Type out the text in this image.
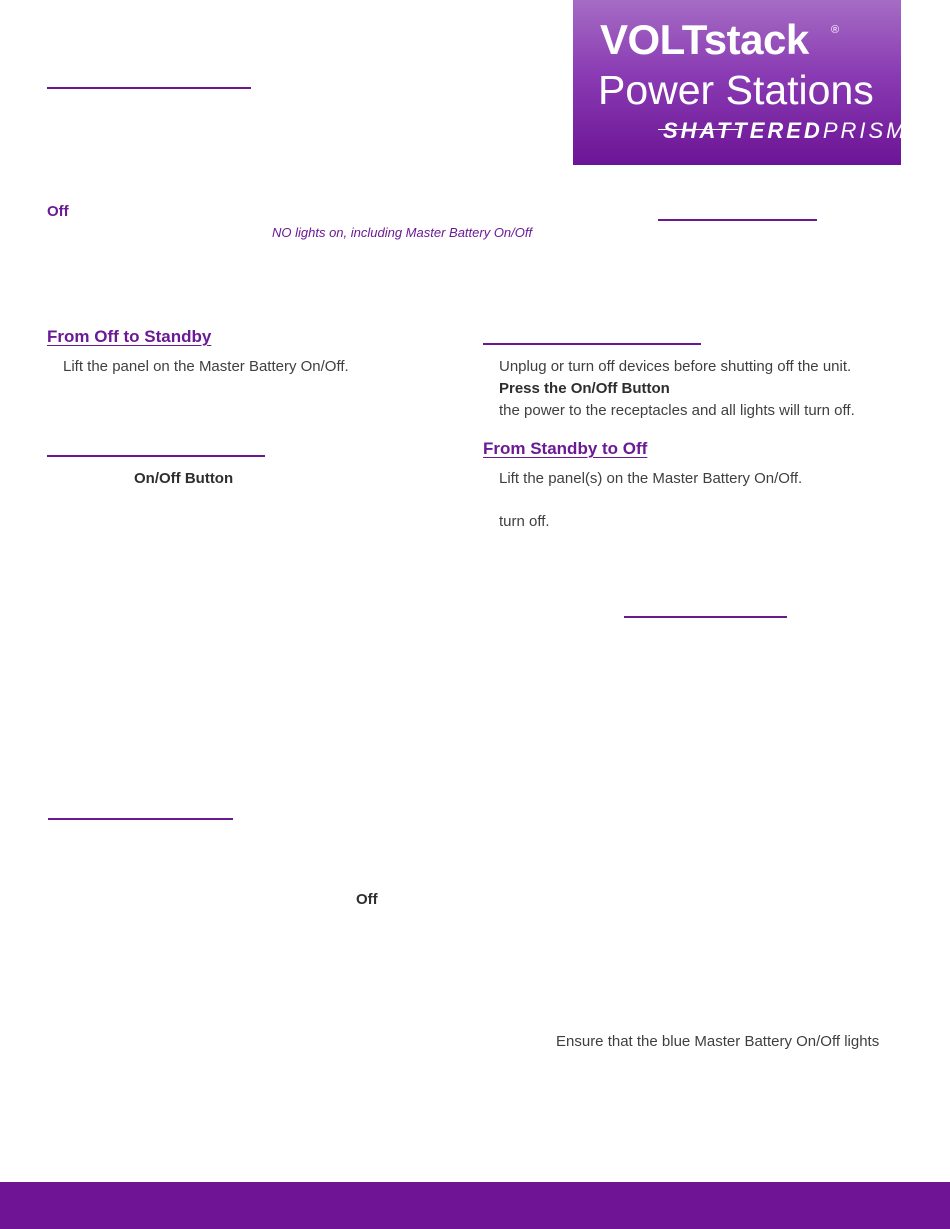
VOLTstack ®
Power Stations
SHATTEREDPRISM
Off
NO lights on, including Master Battery On/Off
From Off to Standby
Lift the panel on the Master Battery On/Off.
On/Off Button
Off
Unplug or turn off devices before shutting off the unit.
Press the On/Off Button
the power to the receptacles and all lights will turn off.
From Standby to Off
Lift the panel(s) on the Master Battery On/Off.
turn off.
Ensure that the blue Master Battery On/Off lights
